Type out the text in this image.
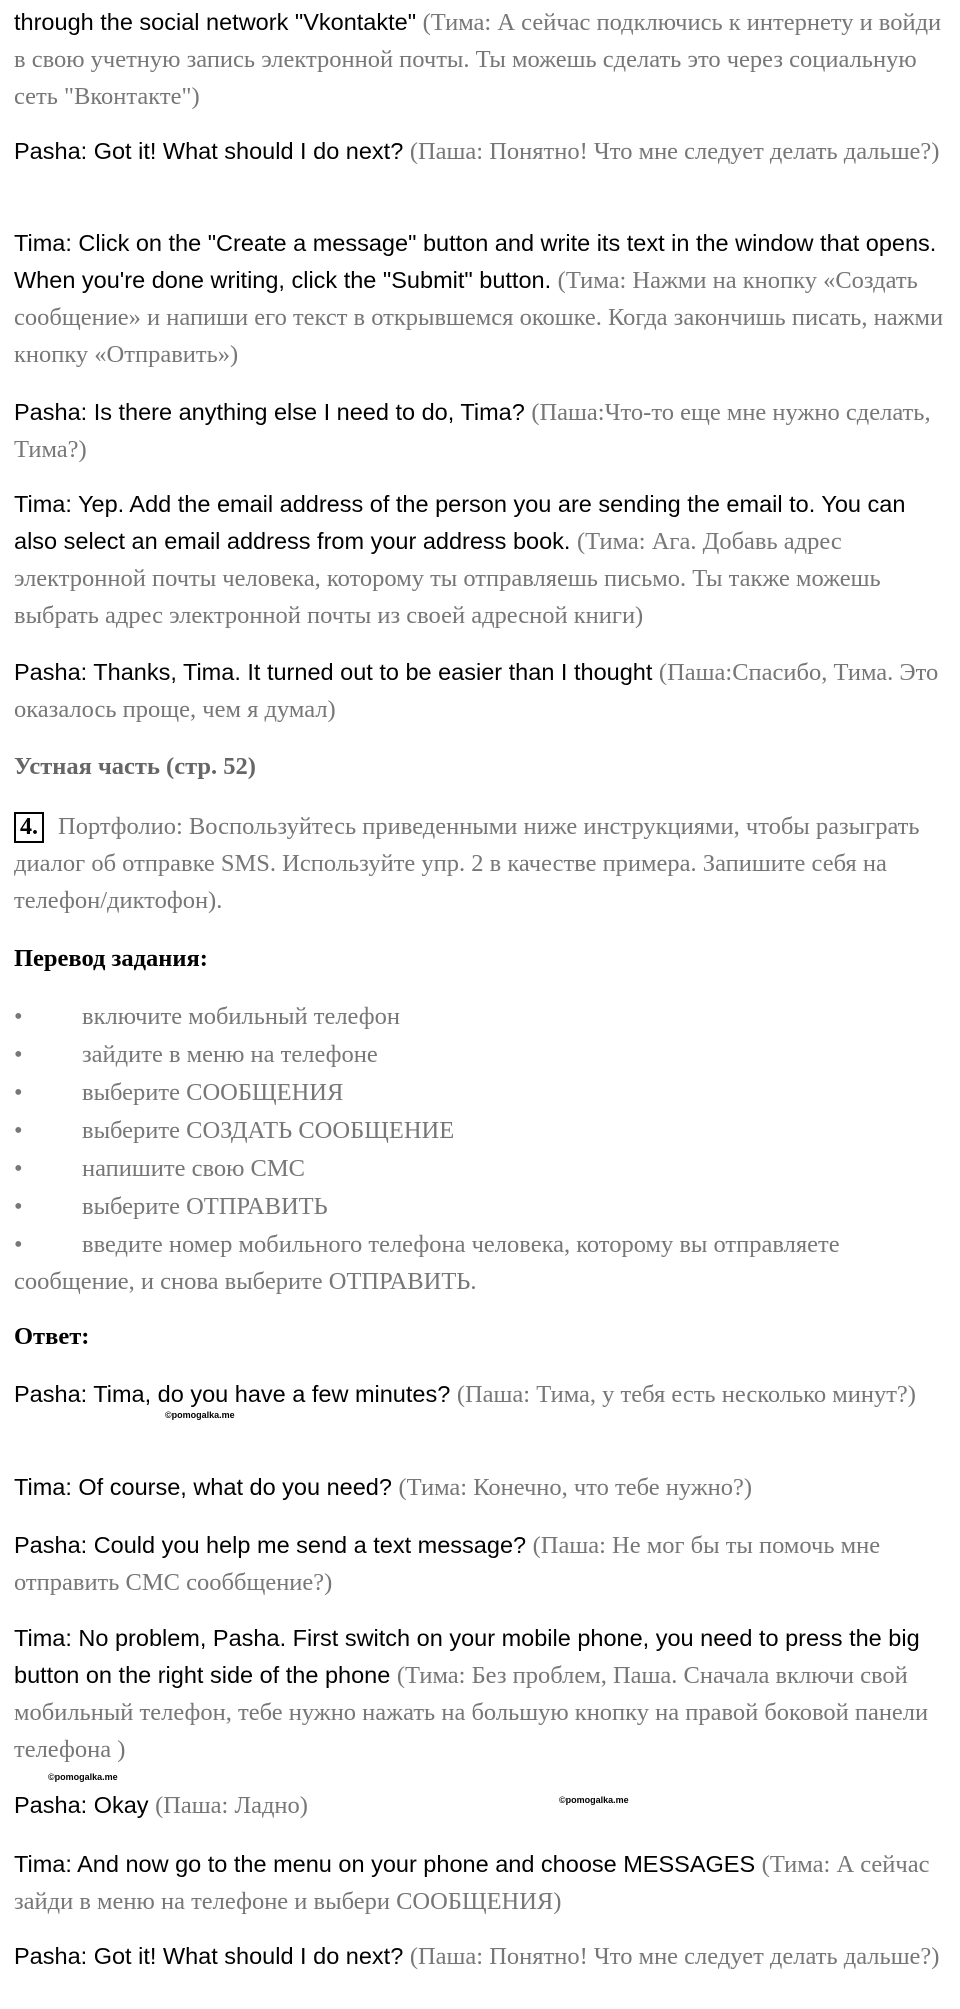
through the social network "Vkontakte" (Тима: А сейчас подключись к интернету и войди в свою учетную запись электронной почты. Ты можешь сделать это через социальную сеть "Вконтакте")

Pasha: Got it! What should I do next? (Паша: Понятно! Что мне следует делать дальше?)

Tima: Click on the "Create a message" button and write its text in the window that opens. When you're done writing, click the "Submit" button. (Тима: Нажми на кнопку «Создать сообщение» и напиши его текст в открывшемся окошке. Когда закончишь писать, нажми кнопку «Отправить»)

Pasha: Is there anything else I need to do, Tima? (Паша:Что-то еще мне нужно сделать, Тима?)

Tima: Yep. Add the email address of the person you are sending the email to. You can also select an email address from your address book. (Тима: Ага. Добавь адрес электронной почты человека, которому ты отправляешь письмо. Ты также можешь выбрать адрес электронной почты из своей адресной книги)

Pasha: Thanks, Tima. It turned out to be easier than I thought (Паша:Спасибо, Тима. Это оказалось проще, чем я думал)

Устная часть (стр. 52)

4. Портфолио: Воспользуйтесь приведенными ниже инструкциями, чтобы разыграть диалог об отправке SMS. Используйте упр. 2 в качестве примера. Запишите себя на телефон/диктофон).

Перевод задания:
• включите мобильный телефон
• зайдите в меню на телефоне
• выберите СООБЩЕНИЯ
• выберите СОЗДАТЬ СООБЩЕНИЕ
• напишите свою СМС
• выберите ОТПРАВИТЬ
• введите номер мобильного телефона человека, которому вы отправляете сообщение, и снова выберите ОТПРАВИТЬ.
Ответ:

Pasha: Tima, do you have a few minutes? (Паша: Тима, у тебя есть несколько минут?)

Tima: Of course, what do you need? (Тима: Конечно, что тебе нужно?)

Pasha: Could you help me send a text message? (Паша: Не мог бы ты помочь мне отправить СМС сооббщение?)

Tima: No problem, Pasha. First switch on your mobile phone, you need to press the big button on the right side of the phone (Тима: Без проблем, Паша. Сначала включи свой мобильный телефон, тебе нужно нажать на большую кнопку на правой боковой панели телефона )

Pasha: Okay (Паша: Ладно)

Tima: And now go to the menu on your phone and choose MESSAGES (Тима: А сейчас зайди в меню на телефоне и выбери СООБЩЕНИЯ)

Pasha: Got it! What should I do next? (Паша: Понятно! Что мне следует делать дальше?)

©pomogalka.me
©pomogalka.me
©pomogalka.me
